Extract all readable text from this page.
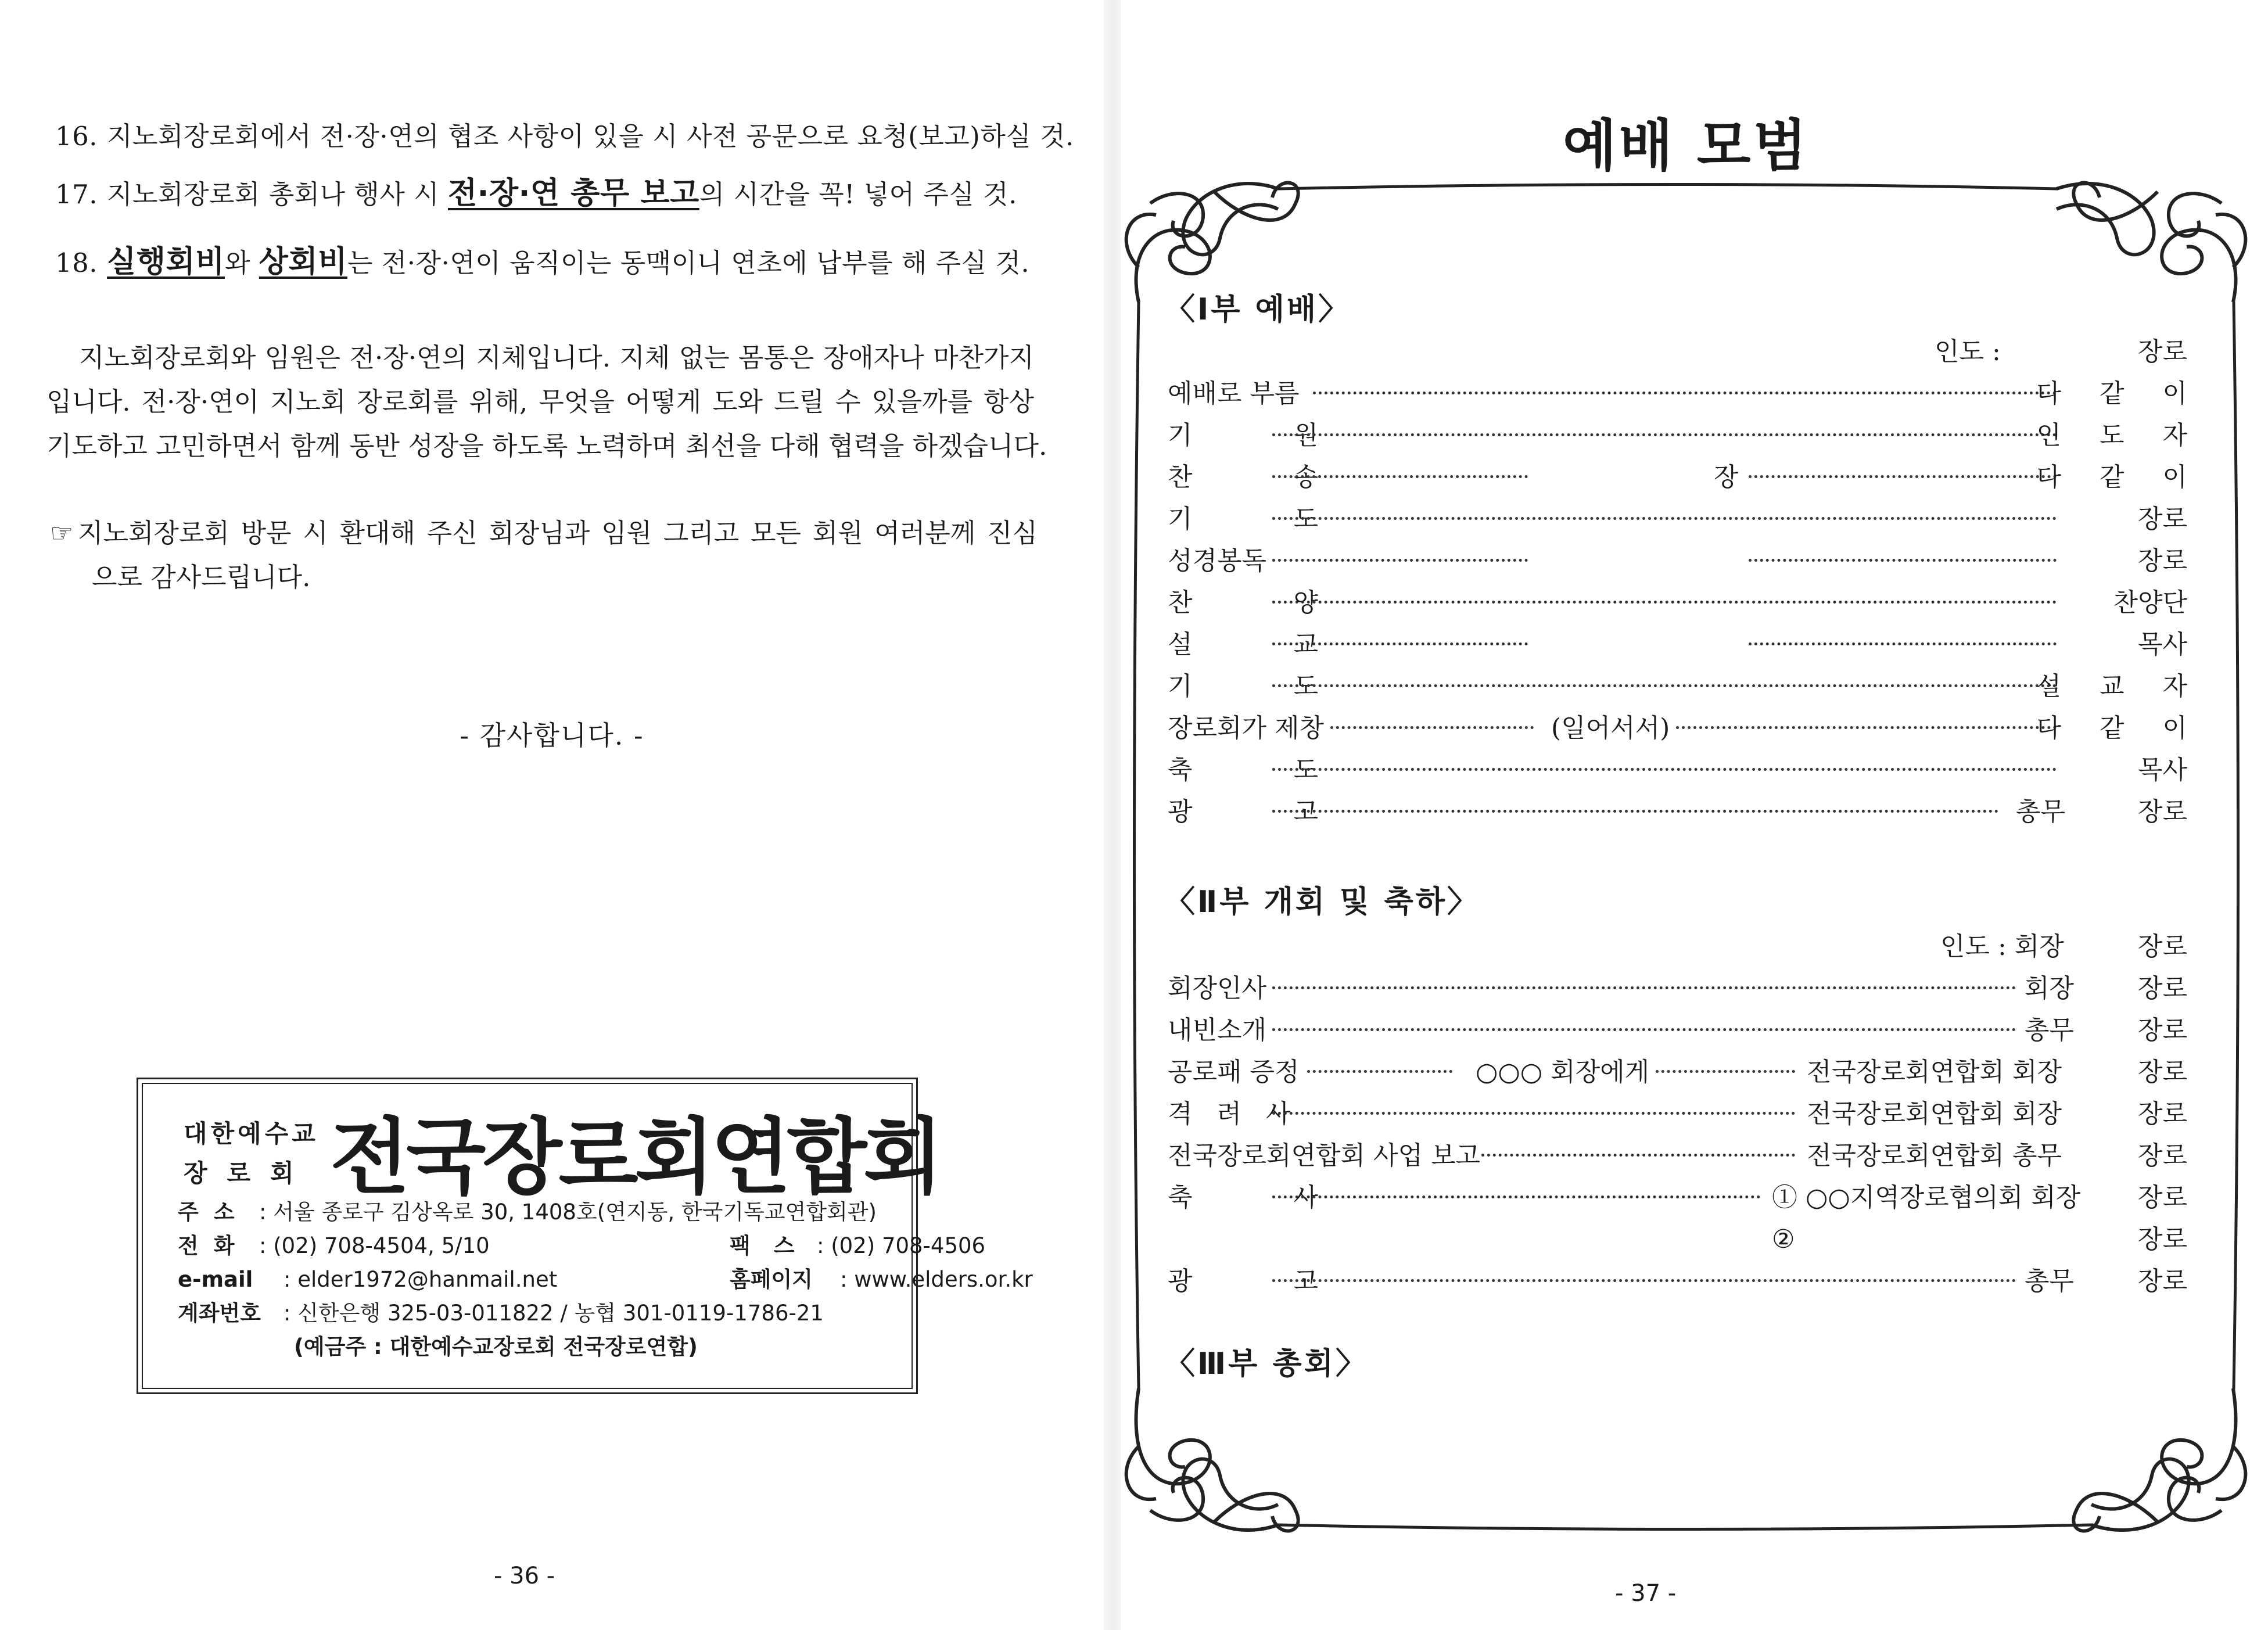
16. 지노회장로회에서 전·장·연의 협조 사항이 있을 시 사전 공문으로 요청(보고)하실 것.
17. 지노회장로회 총회나 행사 시 전·장·연 총무 보고의 시간을 꼭! 넣어 주실 것.
18. 실행회비와 상회비는 전·장·연이 움직이는 동맥이니 연초에 납부를 해 주실 것.
지노회장로회와 임원은 전·장·연의 지체입니다. 지체 없는 몸통은 장애자나 마찬가지
입니다. 전·장·연이 지노회 장로회를 위해, 무엇을 어떻게 도와 드릴 수 있을까를 항상
기도하고 고민하면서 함께 동반 성장을 하도록 노력하며 최선을 다해 협력을 하겠습니다.
☞ 지노회장로회 방문 시 환대해 주신 회장님과 임원 그리고 모든 회원 여러분께 진심
으로 감사드립니다.
- 감사합니다. -
대한예수교
장로회 전국장로회연합회
주소 : 서울 종로구 김상옥로 30, 1408호(연지동, 한국기독교연합회관)
전화 : (02) 708-4504, 5/10	팩스: (02) 708-4506
e-mail : elder1972@hanmail.net	홈페이지 : www.elders.or.kr
계좌번호 : 신한은행 325-03-011822 / 농협 301-0119-1786-21
(예금주 : 대한예수교장로회 전국장로연합)
- 36 -
예배 모범
〈Ⅰ부 예배〉
인도 :	장로
예배로 부름	다 같 이
기 원	인 도 자
찬 송	장	다 같 이
기 도	장로
성경봉독	장로
찬 양	찬양단
설 교	목사
기 도	설 교 자
장로회가 제창	(일어서서)	다 같 이
축 도	목사
광 고	총무	장로
〈Ⅱ부 개회 및 축하〉
인도 : 회장	장로
회장인사	회장 장로
내빈소개	총무 장로
공로패 증정	○○○ 회장에게	전국장로회연합회 회장	장로
격 려 사	전국장로회연합회 회장	장로
전국장로회연합회 사업 보고	전국장로회연합회 총무	장로
축 사	① ○○지역장로협의회 회장 장로
②	장로
광 고	총무 장로
〈Ⅲ부 총회〉
- 37 -
